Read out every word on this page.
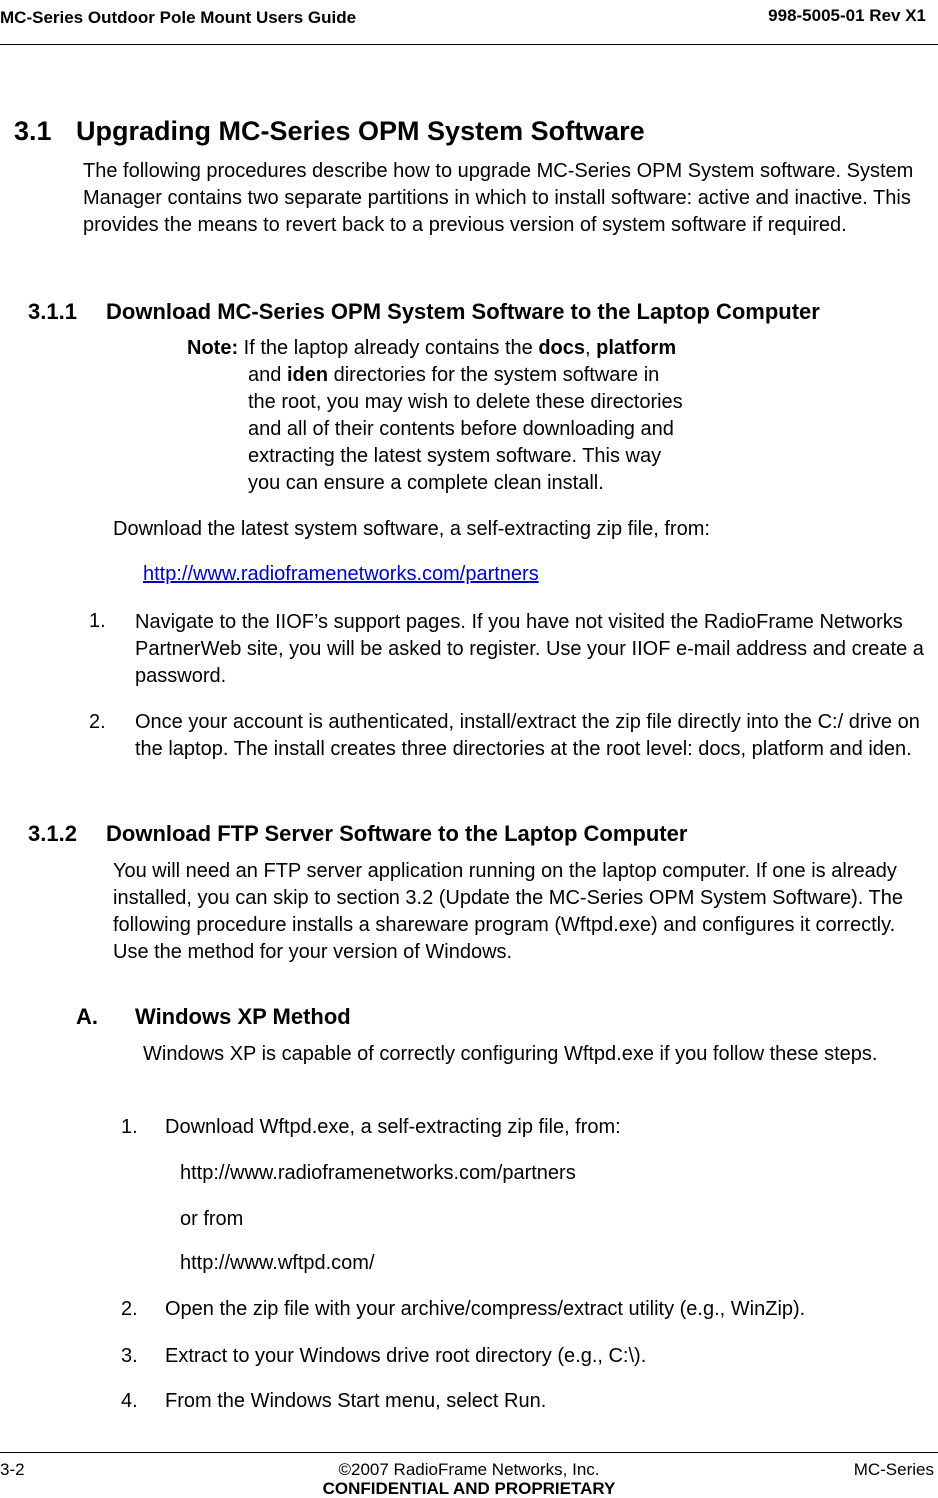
MC-Series Outdoor Pole Mount Users Guide	998-5005-01 Rev X1
3.1 Upgrading MC-Series OPM System Software
The following procedures describe how to upgrade MC-Series OPM System software. System Manager contains two separate partitions in which to install software: active and inactive. This provides the means to revert back to a previous version of system software if required.
3.1.1 Download MC-Series OPM System Software to the Laptop Computer
Note: If the laptop already contains the docs, platform
and iden directories for the system software in
the root, you may wish to delete these directories
and all of their contents before downloading and
extracting the latest system software. This way
you can ensure a complete clean install.
Download the latest system software, a self-extracting zip file, from:
http://www.radioframenetworks.com/partners
1. Navigate to the IIOF’s support pages. If you have not visited the RadioFrame Networks PartnerWeb site, you will be asked to register. Use your IIOF e-mail address and create a password.
2. Once your account is authenticated, install/extract the zip file directly into the C:/ drive on the laptop. The install creates three directories at the root level: docs, platform and iden.
3.1.2 Download FTP Server Software to the Laptop Computer
You will need an FTP server application running on the laptop computer. If one is already installed, you can skip to section 3.2 (Update the MC-Series OPM System Software). The following procedure installs a shareware program (Wftpd.exe) and configures it correctly. Use the method for your version of Windows.
A. Windows XP Method
Windows XP is capable of correctly configuring Wftpd.exe if you follow these steps.
1. Download Wftpd.exe, a self-extracting zip file, from:
http://www.radioframenetworks.com/partners
or from
http://www.wftpd.com/
2. Open the zip file with your archive/compress/extract utility (e.g., WinZip).
3. Extract to your Windows drive root directory (e.g., C:\).
4. From the Windows Start menu, select Run.
3-2	©2007 RadioFrame Networks, Inc.
CONFIDENTIAL AND PROPRIETARY
MC-Series
